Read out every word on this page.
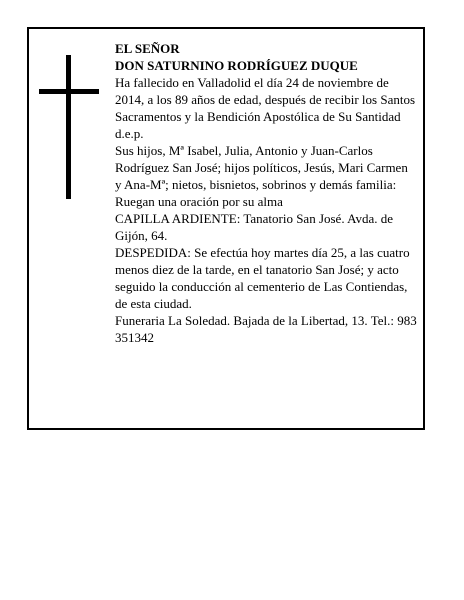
EL SEÑOR

DON SATURNINO RODRÍGUEZ DUQUE

Ha fallecido en Valladolid el día 24 de noviembre de 2014, a los 89 años de edad, después de recibir los Santos Sacramentos y la Bendición Apostólica de Su Santidad

d.e.p.

Sus hijos, Mª Isabel, Julia, Antonio y Juan-Carlos Rodríguez San José; hijos políticos, Jesús, Mari Carmen y Ana-Mª; nietos, bisnietos, sobrinos y demás familia:

Ruegan una oración por su alma

CAPILLA ARDIENTE: Tanatorio San José. Avda. de Gijón, 64.

DESPEDIDA: Se efectúa hoy martes día 25, a las cuatro menos diez de la tarde, en el tanatorio San José; y acto seguido la conducción al cementerio de Las Contiendas, de esta ciudad.

Funeraria La Soledad. Bajada de la Libertad, 13. Tel.: 983 351342
